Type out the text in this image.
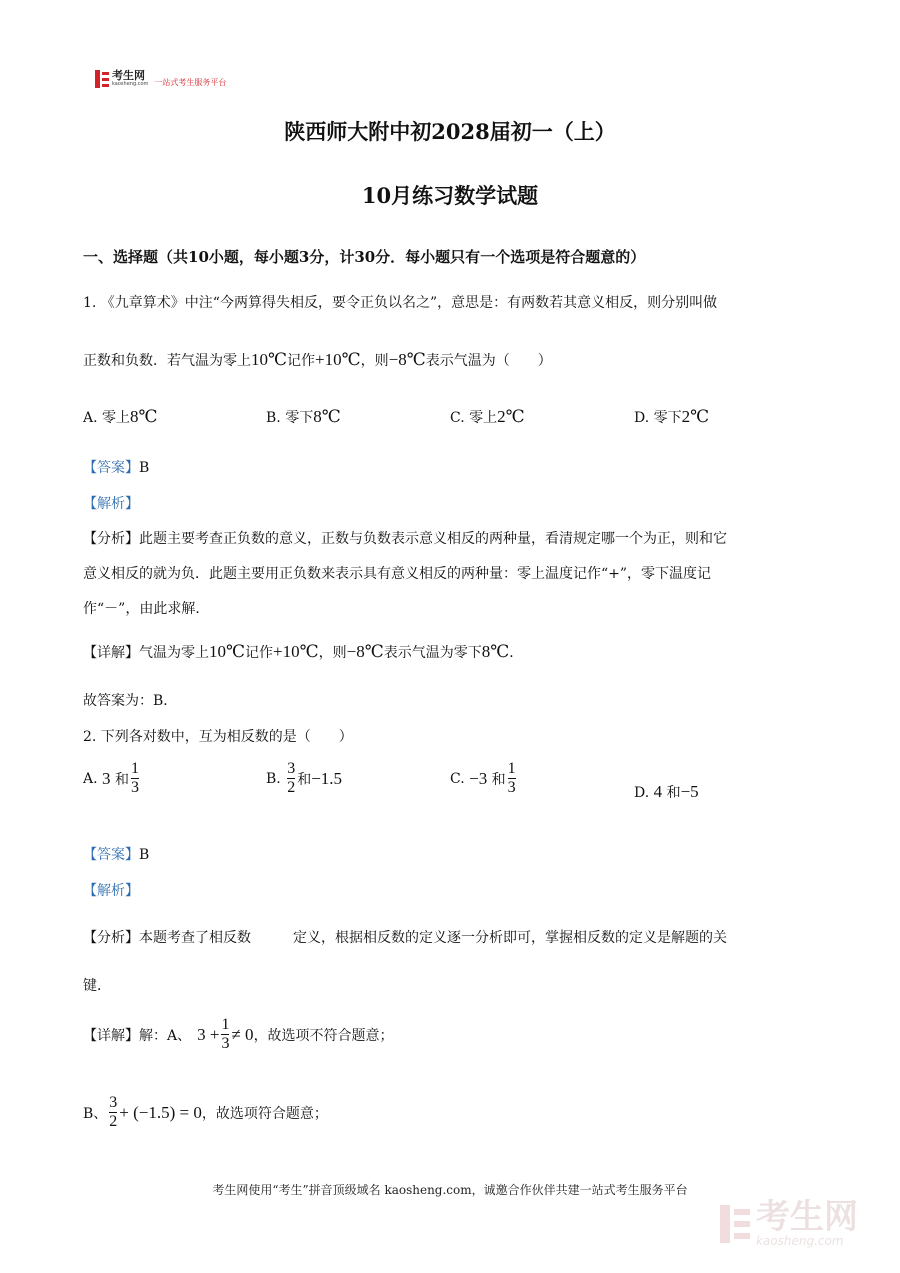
考生网
kaosheng.com 一站式考生服务平台
陕西师大附中初2028届初一（上）
10月练习数学试题
一、选择题（共10小题，每小题3分，计30分．每小题只有一个选项是符合题意的）
1. 《九章算术》中注“今两算得失相反，要令正负以名之”，意思是：有两数若其意义相反，则分别叫做
正数和负数．若气温为零上10℃记作+10℃，则−8℃表示气温为（　　）
A. 零上8℃	B. 零下8℃	C. 零上2℃	D. 零下2℃
【答案】B
【解析】
【分析】此题主要考查正负数的意义，正数与负数表示意义相反的两种量，看清规定哪一个为正，则和它
意义相反的就为负．此题主要用正负数来表示具有意义相反的两种量：零上温度记作“+”，零下温度记
作“－”，由此求解．
【详解】气温为零上10℃记作+10℃，则−8℃表示气温为零下8℃．
故答案为：B．
2. 下列各对数中，互为相反数的是（　　）
A.
3
和 $\frac{1}{3}$	B.
$\frac{3}{2}$ 和 −1.5	C.
−3
和 $\frac{1}{3}$	D. 4 和−5
【答案】B
【解析】
【分析】本题考查了相反数	定义，根据相反数的定义逐一分析即可，掌握相反数的定义是解题的关
键．
【详解】 解：A、 $3 + \frac{1}{3} \ne 0$ ，故选项不符合题意；
B、 $\frac{3}{2} + (-1.5) = 0$ ，故选项符合题意；
考生网使用“考生”拼音顶级域名 kaosheng.com，诚邀合作伙伴共建一站式考生服务平台
考生网
kaosheng.com
